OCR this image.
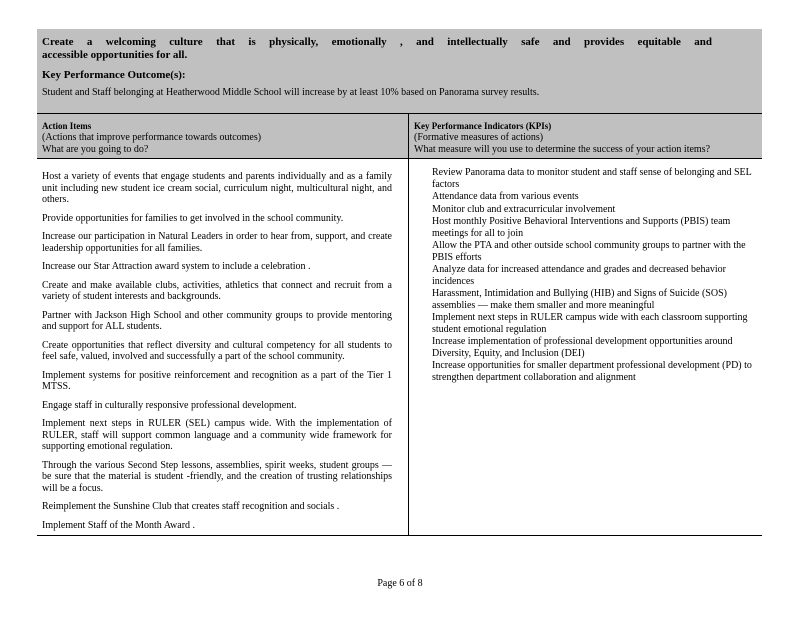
Create a welcoming culture that is physically, emotionally , and intellectually safe and provides equitable and
accessible opportunities for all.
Key Performance Outcome(s):
Student and Staff belonging at Heatherwood Middle School will increase by at least 10% based on Panorama survey results.
Action Items
(Actions that improve performance towards outcomes)
What are you going to do?
Key Performance Indicators (KPIs)
(Formative measures of actions)
What measure will you use to determine the success of your action items?

Host a variety of events that engage students and parents individually and as a family unit including new student ice cream social, curriculum night, multicultural night, and others.

Provide opportunities for families to get involved in the school community.

Increase our participation in Natural Leaders in order to hear from, support, and create leadership opportunities for all families.

Increase our Star Attraction award system to include a celebration .

Create and make available clubs, activities, athletics that connect and recruit from a variety of student interests and backgrounds.

Partner with Jackson High School and other community groups to provide mentoring and support for ALL students.

Create opportunities that reflect diversity and cultural competency for all students to feel safe, valued, involved and successfully a part of the school community.

Implement systems for positive reinforcement and recognition as a part of the Tier 1 MTSS.

Engage staff in culturally responsive professional development.

Implement next steps in RULER (SEL) campus wide. With the implementation of RULER, staff will support common language and a community wide framework for supporting emotional regulation.

Through the various Second Step lessons, assemblies, spirit weeks, student groups — be sure that the material is student -friendly, and the creation of trusting relationships will be a focus.

Reimplement the Sunshine Club that creates staff recognition and socials .

Implement Staff of the Month Award .

Review Panorama data to monitor student and staff sense of belonging and SEL factors
Attendance data from various events
Monitor club and extracurricular involvement
Host monthly Positive Behavioral Interventions and Supports (PBIS) team meetings for all to join
Allow the PTA and other outside school community groups to partner with the PBIS efforts
Analyze data for increased attendance and grades and decreased behavior incidences
Harassment, Intimidation and Bullying (HIB) and Signs of Suicide (SOS) assemblies — make them smaller and more meaningful
Implement next steps in RULER campus wide with each classroom supporting student emotional regulation
Increase implementation of professional development opportunities around Diversity, Equity, and Inclusion (DEI)
Increase opportunities for smaller department professional development (PD) to strengthen department collaboration and alignment
Page 6 of 8
